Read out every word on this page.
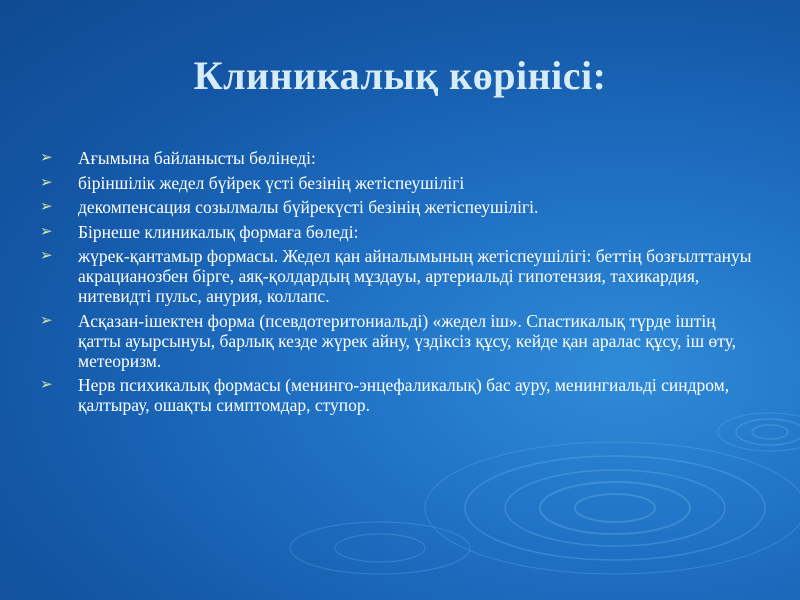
Клиникалық көрінісі:
➢ Ағымына байланысты бөлінеді:
➢ біріншілік жедел бүйрек үсті безінің жетіспеушілігі
➢ декомпенсация созылмалы бүйрекүсті безінің жетіспеушілігі.
➢ Бірнеше клиникалық формаға бөледі:
➢ жүрек-қантамыр формасы. Жедел қан айналымының жетіспеушілігі: беттің бозғылттануы акрацианозбен бірге, аяқ-қолдардың мұздауы, артериальді гипотензия, тахикардия, нитевидті пульс, анурия, коллапс.
➢ Асқазан-ішектен форма (псевдотеритониальді) «жедел іш». Спастикалық түрде іштің қатты ауырсынуы, барлық кезде жүрек айну, үздіксіз құсу, кейде қан аралас құсу, іш өту, метеоризм.
➢ Нерв психикалық формасы (менинго-энцефаликалық) бас ауру, менингиальді синдром, қалтырау, ошақты симптомдар, ступор.
